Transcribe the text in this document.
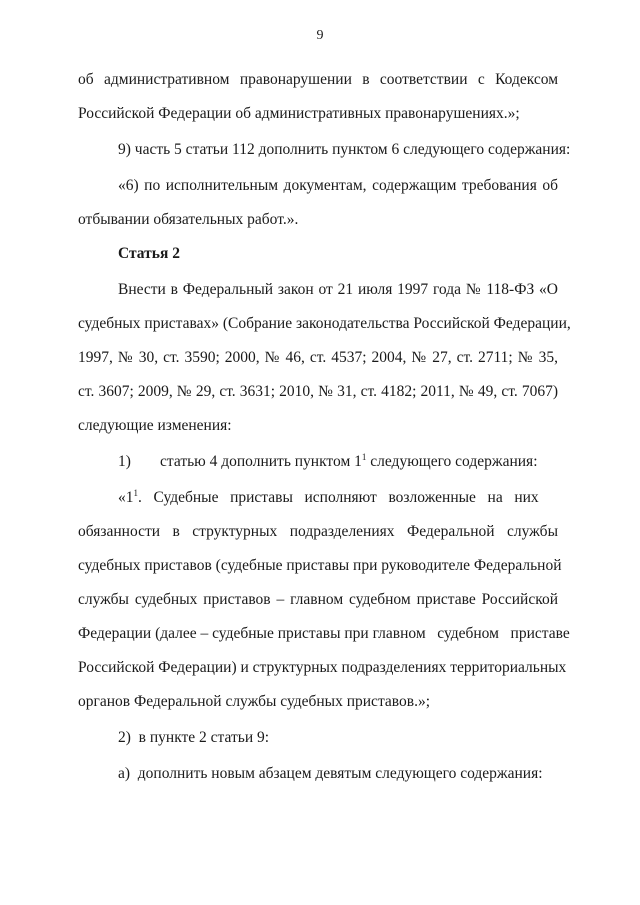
9
об административном правонарушении в соответствии с Кодексом
Российской Федерации об административных правонарушениях.»;
9) часть 5 статьи 112 дополнить пунктом 6 следующего содержания:
«6) по исполнительным документам, содержащим требования об
отбывании обязательных работ.».
Статья 2
Внести в Федеральный закон от 21 июля 1997 года № 118-ФЗ «О
судебных приставах» (Собрание законодательства Российской Федерации,
1997, № 30, ст. 3590; 2000, № 46, ст. 4537; 2004, № 27, ст. 2711; № 35,
ст. 3607; 2009, № 29, ст. 3631; 2010, № 31, ст. 4182; 2011, № 49, ст. 7067)
следующие изменения:
1) статью 4 дополнить пунктом $1^1$ следующего содержания:
«$1^1$.   Судебные   приставы   исполняют   возложенные   на   них
обязанности в структурных подразделениях Федеральной службы
судебных приставов (судебные приставы при руководителе Федеральной
службы судебных приставов – главном судебном приставе Российской
Федерации (далее – судебные приставы при главном   судебном   приставе
Российской Федерации) и структурных подразделениях территориальных
органов Федеральной службы судебных приставов.»;
2)  в пункте 2 статьи 9:
а)  дополнить новым абзацем девятым следующего содержания:
